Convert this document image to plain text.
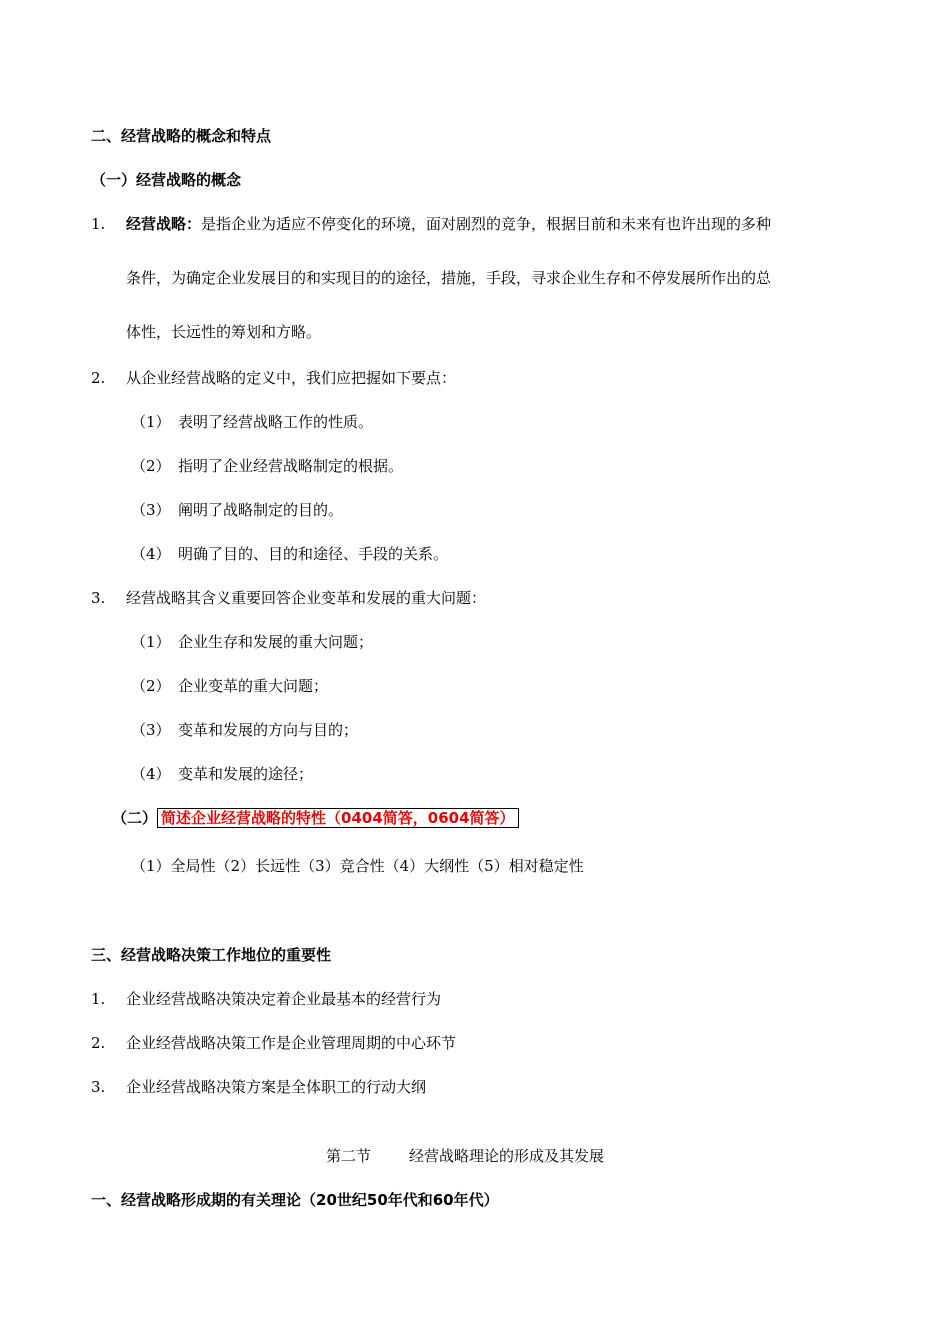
二、经营战略的概念和特点
（一）经营战略的概念
1. 经营战略：是指企业为适应不停变化的环境，面对剧烈的竞争，根据目前和未来有也许出现的多种
条件，为确定企业发展目的和实现目的的途径，措施，手段，寻求企业生存和不停发展所作出的总
体性，长远性的筹划和方略。
2. 从企业经营战略的定义中，我们应把握如下要点：
（1） 表明了经营战略工作的性质。
（2） 指明了企业经营战略制定的根据。
（3） 阐明了战略制定的目的。
（4） 明确了目的、目的和途径、手段的关系。
3. 经营战略其含义重要回答企业变革和发展的重大问题：
（1） 企业生存和发展的重大问题；
（2） 企业变革的重大问题；
（3） 变革和发展的方向与目的；
（4） 变革和发展的途径；
（二） 简述企业经营战略的特性（0404简答，0604简答）
（1）全局性（2）长远性（3）竞合性（4）大纲性（5）相对稳定性
三、经营战略决策工作地位的重要性
1. 企业经营战略决策决定着企业最基本的经营行为
2. 企业经营战略决策工作是企业管理周期的中心环节
3. 企业经营战略决策方案是全体职工的行动大纲
第二节	经营战略理论的形成及其发展
一、经营战略形成期的有关理论（20世纪50年代和60年代）
